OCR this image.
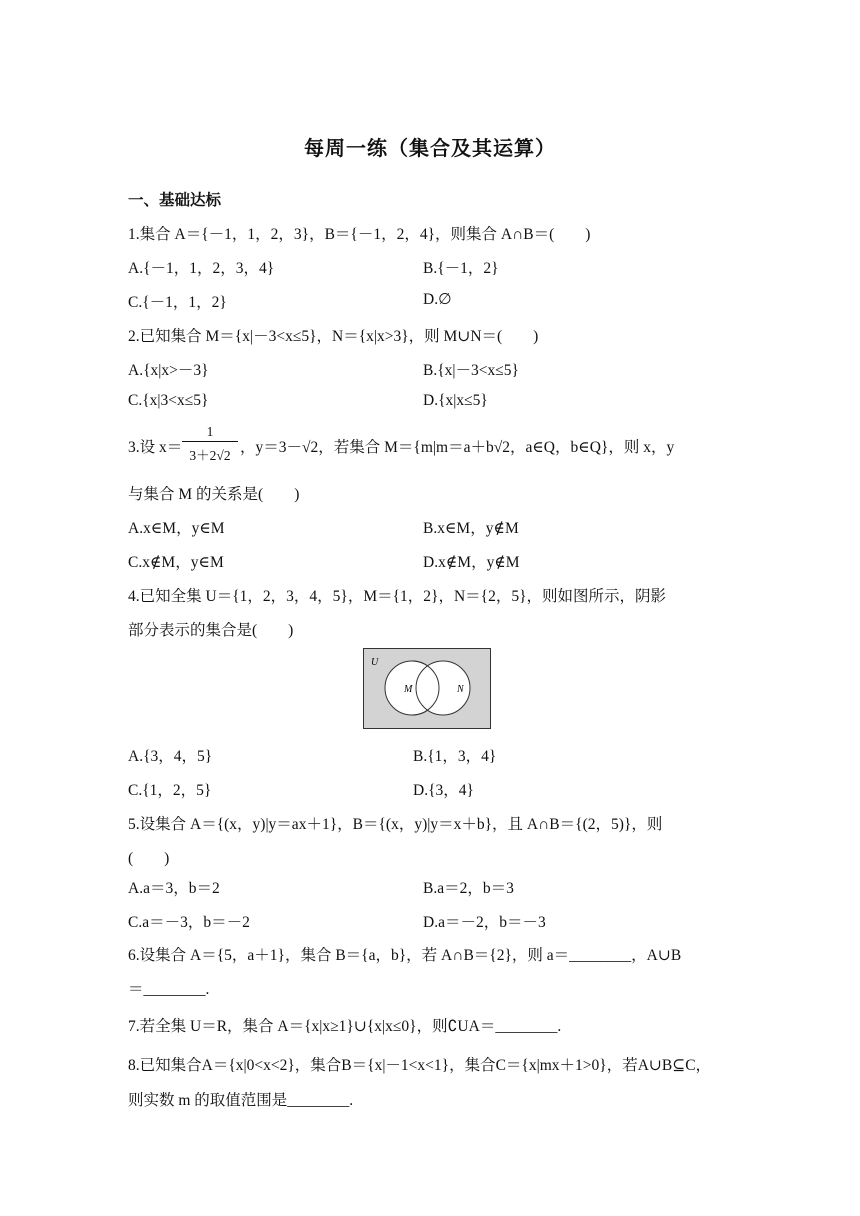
每周一练（集合及其运算）
一、基础达标
1.集合 A＝{－1，1，2，3}，B＝{－1，2，4}，则集合 A∩B＝(　　)
A.{－1，1，2，3，4}	B.{－1，2}
C.{－1，1，2}	D.∅
2.已知集合 M＝{x|－3<x≤5}，N＝{x|x>3}，则 M∪N＝(　　)
A.{x|x>－3}	B.{x|－3<x≤5}
C.{x|3<x≤5}	D.{x|x≤5}
3.设 $x= \frac{1}{3+2√2}$ ，y＝3－√2，若集合 M＝{m|m＝a＋b√2，a∈Q，b∈Q}，则 x，y
与集合 M 的关系是(　　)
A.x∈M，y∈M	B.x∈M，y∉M
C.x∉M，y∈M	D.x∉M，y∉M
4.已知全集 U＝{1，2，3，4，5}，M＝{1，2}，N＝{2，5}，则如图所示，阴影
部分表示的集合是(　　)
U
M	N
A.{3，4，5}	B.{1，3，4}
C.{1，2，5}	D.{3，4}
5.设集合 A＝{(x，y)|y＝ax＋1}，B＝{(x，y)|y＝x＋b}，且 A∩B＝{(2，5)}，则
(　　)
A.a＝3，b＝2	B.a＝2，b＝3
C.a＝－3，b＝－2	D.a＝－2，b＝－3
6.设集合 A＝{5，a＋1}，集合 B＝{a，b}，若 A∩B＝{2}，则 a＝________，A∪B
＝________.
7.若全集 U＝R，集合 A＝{x|x≥1}∪{x|x≤0}，则∁UA＝________.
8.已知集合A＝{x|0<x<2}，集合B＝{x|－1<x<1}，集合C＝{x|mx＋1>0}，若A∪B⊆C，
则实数 m 的取值范围是________.
